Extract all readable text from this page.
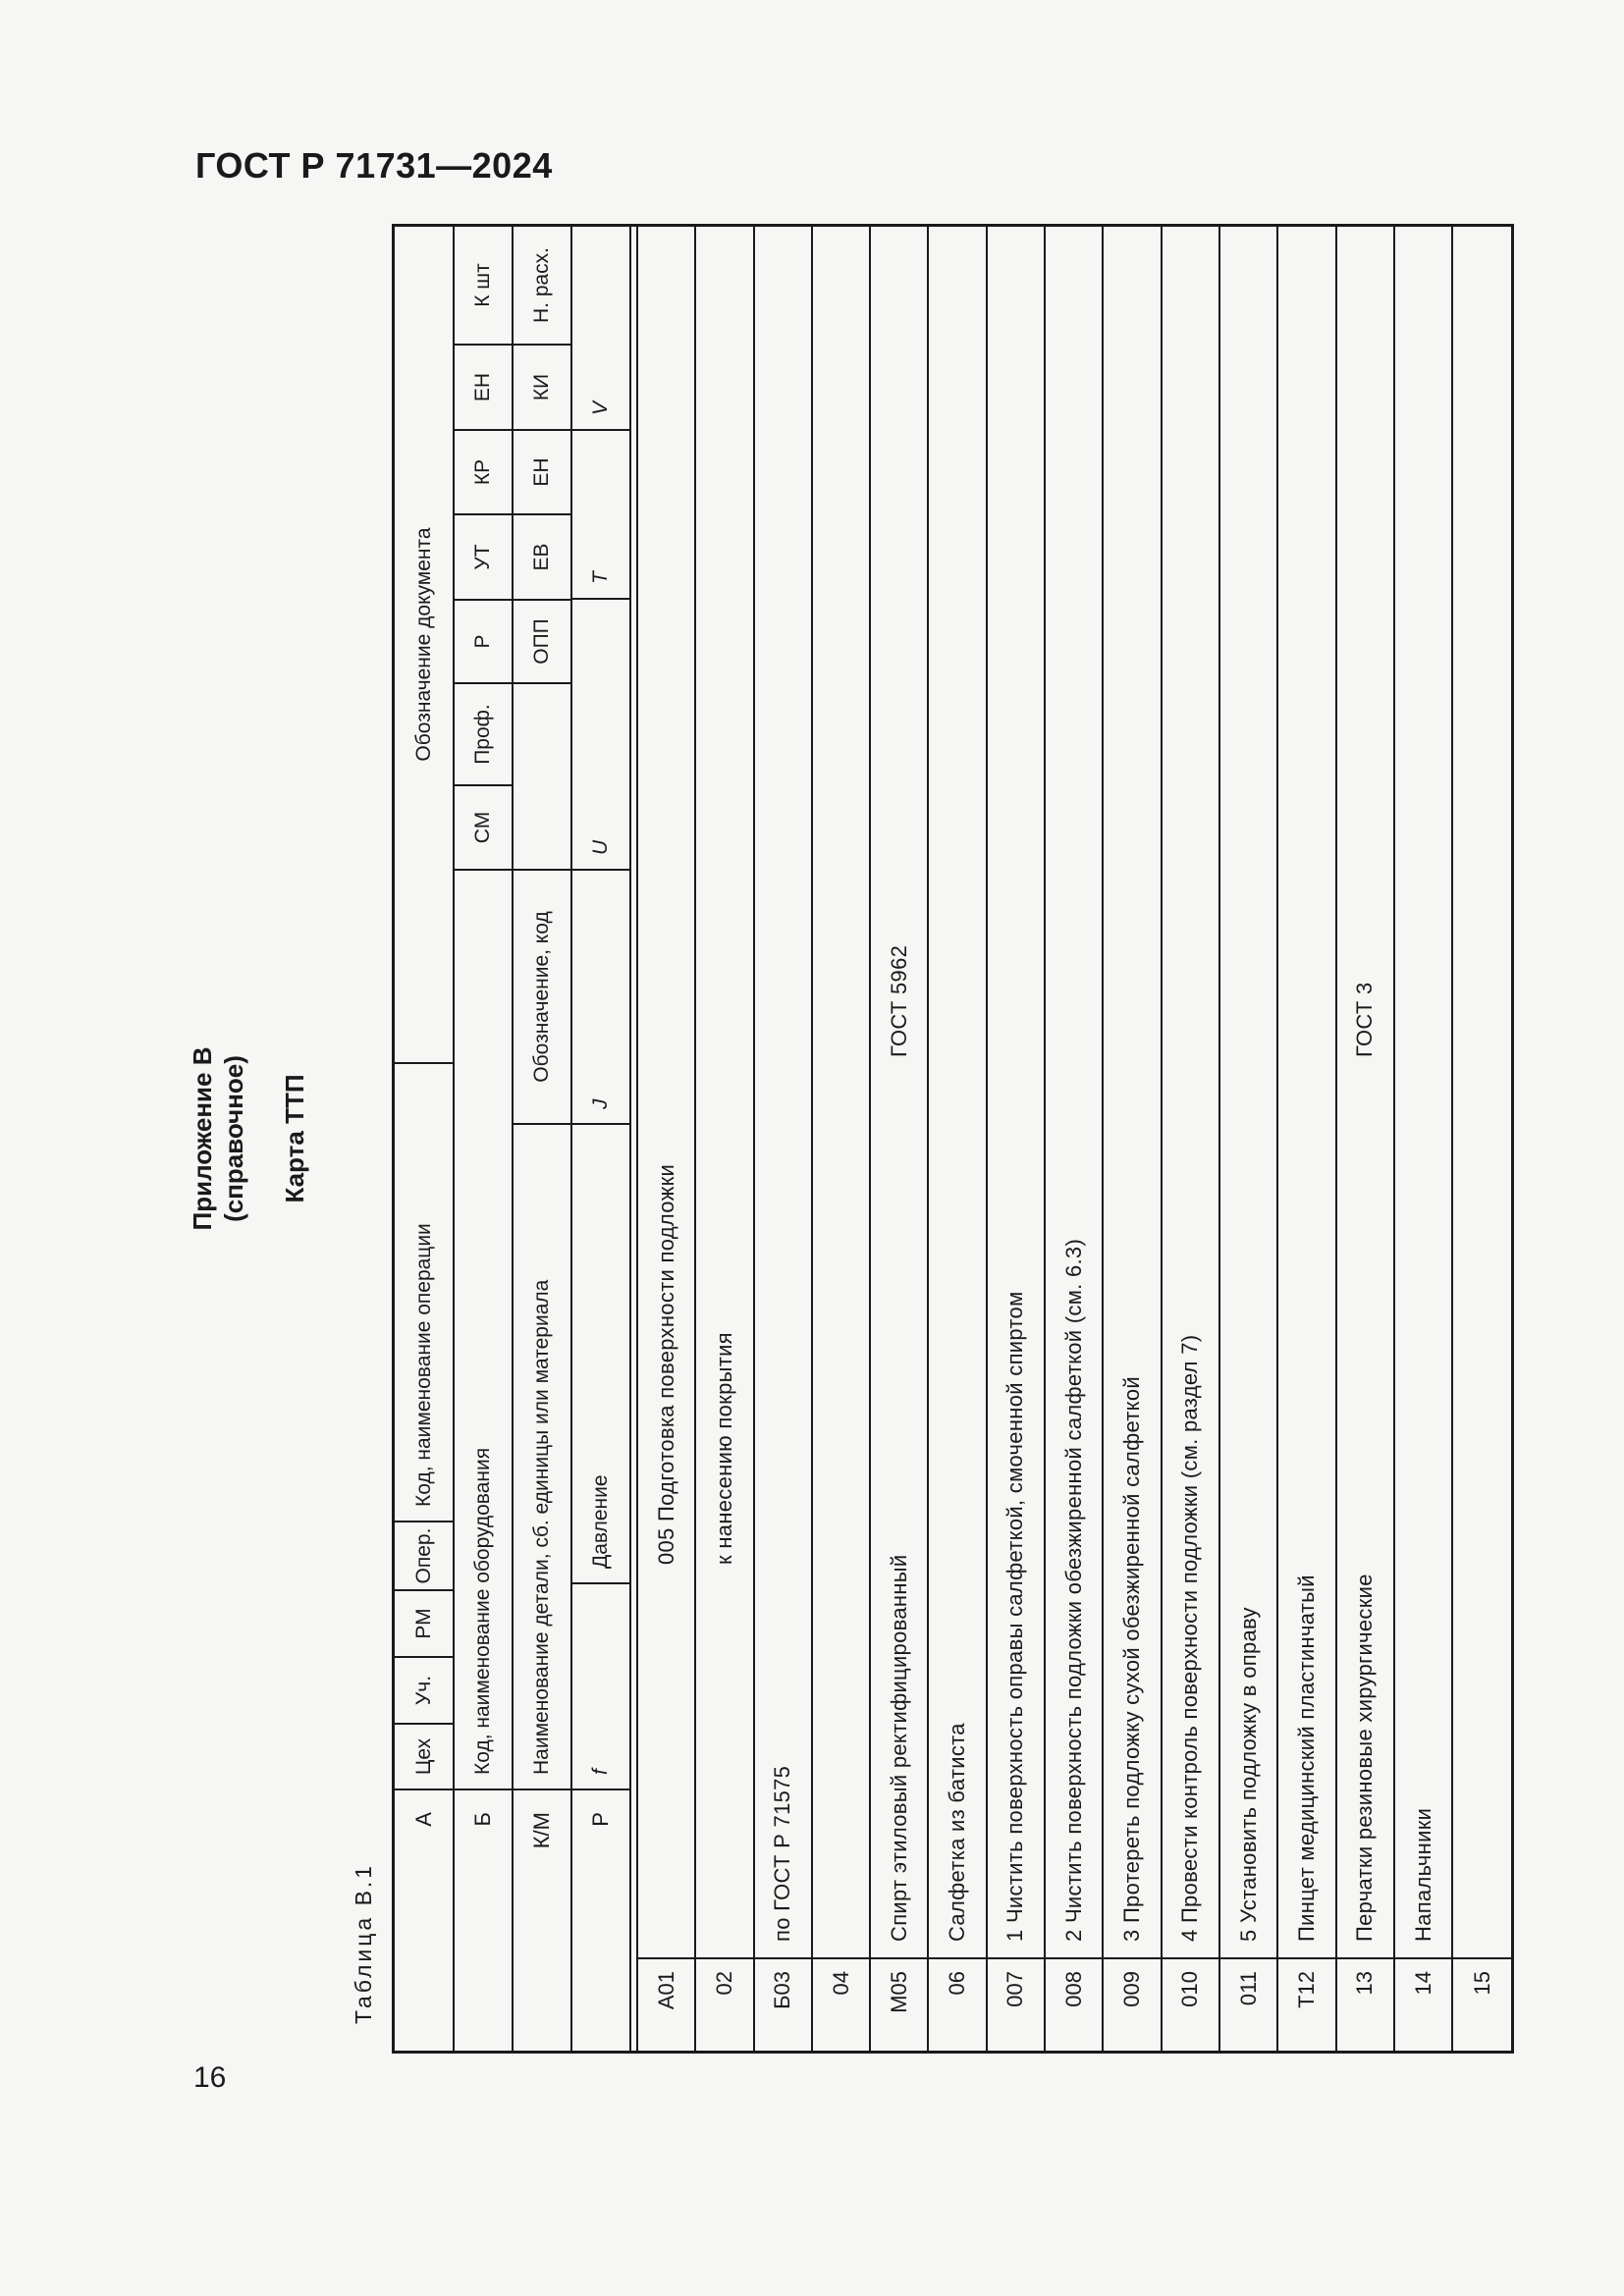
ГОСТ Р 71731—2024
16
Приложение В (справочное) Карта ТТП
Таблица В.1
А
Цех
Уч.
РМ
Опер.
Код, наименование операции
Обозначение документа
Б
Код, наименование оборудования
СМ
Проф.
Р
УТ
КР
ЕН
К шт
К/М
Наименование детали, сб. единицы или материала
Обозначение, код
ОПП
ЕВ
ЕН
КИ
Н. расх.
Р
f
Давление
J
U
T
V
А01
005 Подготовка поверхности подложки
02
к нанесению покрытия
Б03
по ГОСТ Р 71575
04	М05
Спирт этиловый ректифицированный
ГОСТ 5962
06
Салфетка из батиста
007
1 Чистить поверхность оправы салфеткой, смоченной спиртом
008
2 Чистить поверхность подложки обезжиренной салфеткой (см. 6.3)
009
3 Протереть подложку сухой обезжиренной салфеткой
010
4 Провести контроль поверхности подложки (см. раздел 7)
011
5 Установить подложку в оправу
Т12
Пинцет медицинский пластинчатый
13
Перчатки резиновые хирургические
ГОСТ 3
14
Напальчники
15
